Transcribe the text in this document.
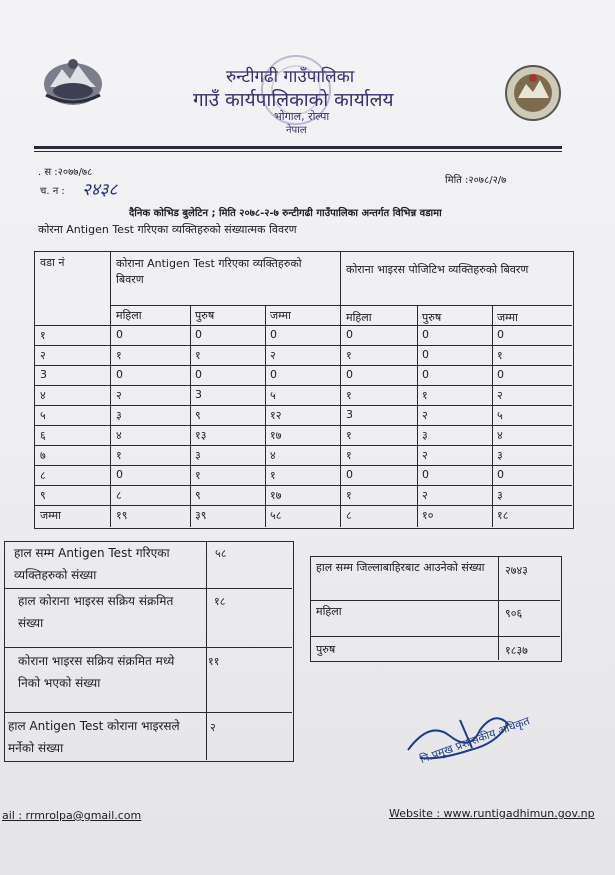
रुन्टीगढी गाउँपालिका
गाउँ कार्यपालिकाको कार्यालय
भोगाल, रोल्पा
नेपाल
. स :२०७७/७८
मिति :२०७८/२/७
च. न : २४३८
दैनिक कोभिड बुलेटिन ; मिति २०७८-२-७ रुन्टीगढी गाउँपालिका अन्तर्गत विभिन्न वडामा
कोरना Antigen Test गरिएका व्यक्तिहरुको संख्यात्मक विवरण
वडा नं	कोराना Antigen Test गरिएका व्यक्तिहरुको बिवरण
कोराना भाइरस पोजिटिभ व्यक्तिहरुको बिवरण
महिला	पुरुष	जम्मा	महिला	पुरुष	जम्मा
१	0	0	0	0	0	0
२	१	१	२	१	0	१
3	0	0	0	0	0	0
४	२	3	५	१	१	२
५	३	९	१२	3	२	५
६	४	१३	१७	१	३	४
७	१	३	४	१	२	३
८	0	१	१	0	0	0
९	८	९	१७	१	२	३
जम्मा	१९	३९	५८	८	१०	१८
हाल सम्म Antigen Test गरिएका व्यक्तिहरुको संख्या
५८
हाल कोराना भाइरस सक्रिय संक्रमित संख्या
१८
कोराना भाइरस सक्रिय संक्रमित मध्ये निको भएको संख्या
११
हाल Antigen Test कोराना भाइरसले मर्नेको संख्या
२
हाल सम्म जिल्लाबाहिरबाट आउनेको संख्या	२७४३
महिला	९०६
पुरुष	१८३७
नि.प्रमुख प्रशासकीय अधिकृत
ail : rrmrolpa@gmail.com	Website : www.runtigadhimun.gov.np
